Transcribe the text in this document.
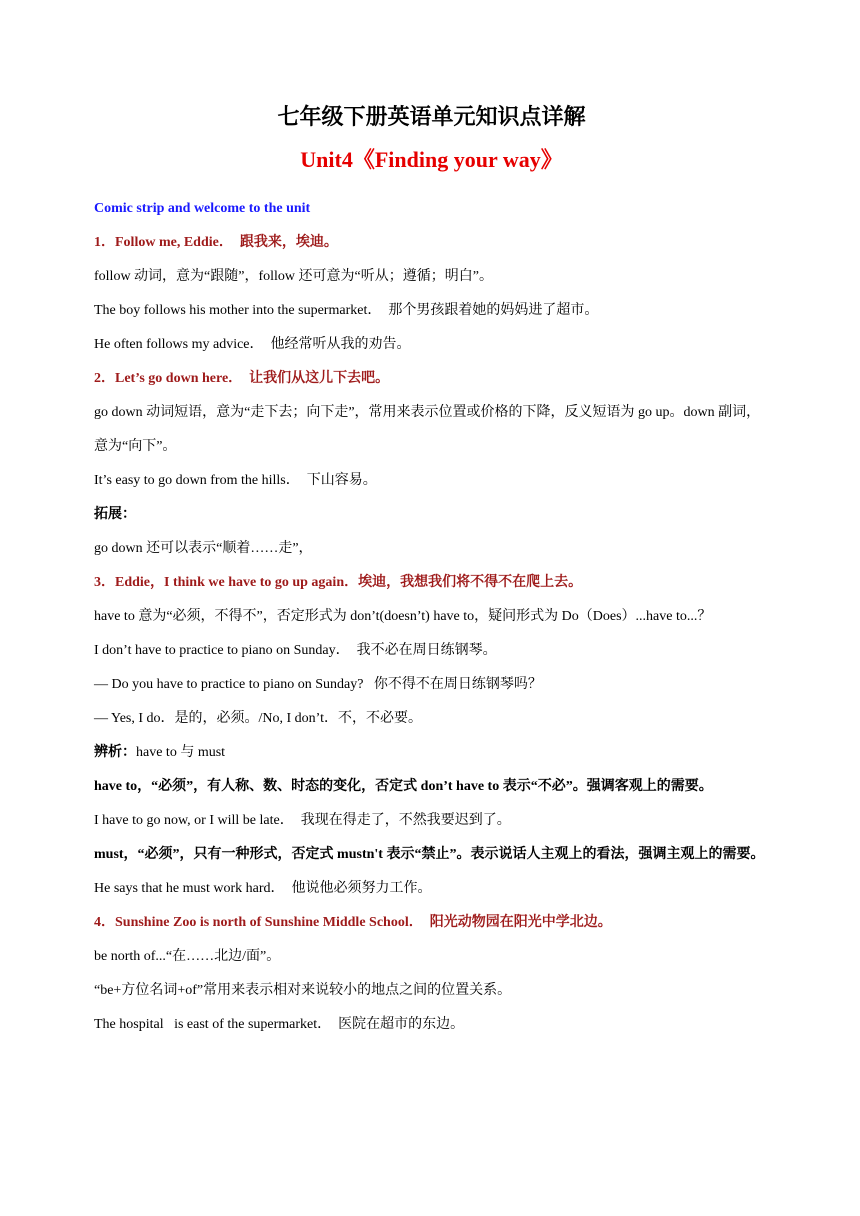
七年级下册英语单元知识点详解
Unit4《Finding your way》

Comic strip and welcome to the unit

1．Follow me, Eddie．  跟我来，埃迪。

follow 动词，意为“跟随”，follow 还可意为“听从；遵循；明白”。

The boy follows his mother into the supermarket．  那个男孩跟着她的妈妈进了超市。

He often follows my advice．  他经常听从我的劝告。

2．Let’s go down here．  让我们从这儿下去吧。

go down 动词短语，意为“走下去；向下走”，常用来表示位置或价格的下降，反义短语为 go up。down 副词，意为“向下”。

It’s easy to go down from the hills．  下山容易。

拓展：

go down 还可以表示“顺着……走”，

3．Eddie，I think we have to go up again．埃迪，我想我们将不得不在爬上去。

have to 意为“必须，不得不”，否定形式为 don’t(doesn’t) have to，疑问形式为 Do（Does）...have to...？

I don’t have to practice to piano on Sunday．  我不必在周日练钢琴。

— Do you have to practice to piano on Sunday?   你不得不在周日练钢琴吗？

— Yes, I do．是的，必须。/No, I don’t．不，不必要。

辨析：have to 与 must

have to，“必须”，有人称、数、时态的变化，否定式 don’t have to 表示“不必”。强调客观上的需要。

I have to go now, or I will be late．  我现在得走了，不然我要迟到了。

must，“必须”，只有一种形式，否定式 mustn't 表示“禁止”。表示说话人主观上的看法，强调主观上的需要。

He says that he must work hard．  他说他必须努力工作。

4．Sunshine Zoo is north of Sunshine Middle School．  阳光动物园在阳光中学北边。

be north of...“在……北边/面”。

“be+方位名词+of”常用来表示相对来说较小的地点之间的位置关系。

The hospital   is east of the supermarket．  医院在超市的东边。
